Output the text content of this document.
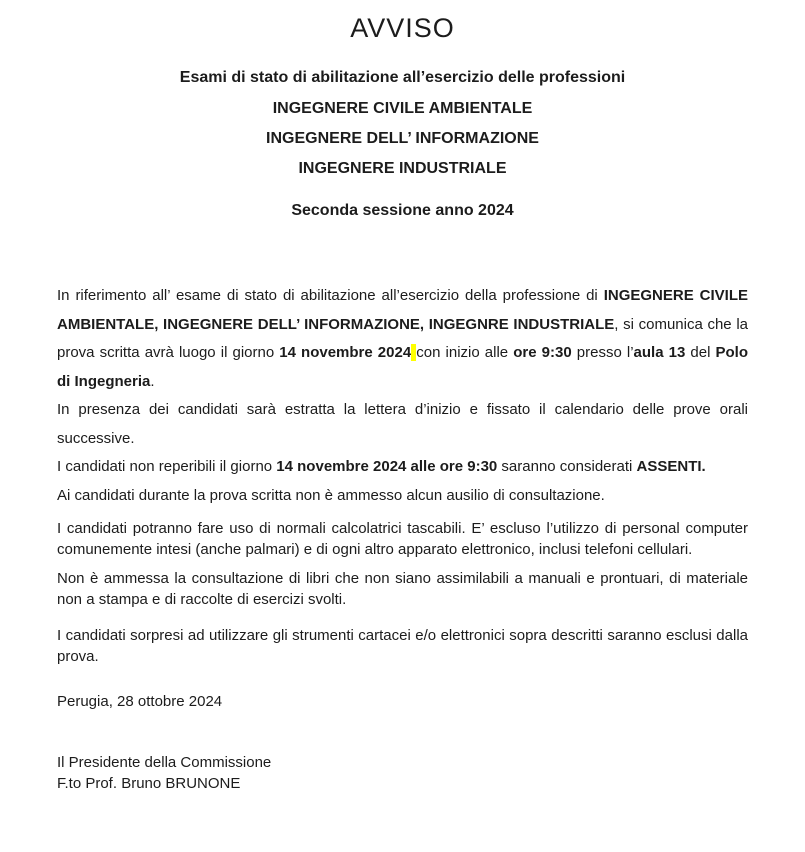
AVVISO

Esami di stato di abilitazione all’esercizio delle professioni

INGEGNERE CIVILE AMBIENTALE

INGEGNERE DELL’ INFORMAZIONE

INGEGNERE INDUSTRIALE

Seconda sessione anno 2024

In riferimento all’ esame di stato di abilitazione all’esercizio della professione di INGEGNERE CIVILE AMBIENTALE, INGEGNERE DELL’ INFORMAZIONE, INGEGNRE INDUSTRIALE, si comunica che la prova scritta avrà luogo il giorno 14 novembre 2024 con inizio alle ore 9:30 presso l’aula 13 del Polo di Ingegneria.

In presenza dei candidati sarà estratta la lettera d’inizio e fissato il calendario delle prove orali successive.

I candidati non reperibili il giorno 14 novembre 2024 alle ore 9:30 saranno considerati ASSENTI.

Ai candidati durante la prova scritta non è ammesso alcun ausilio di consultazione.

I candidati potranno fare uso di normali calcolatrici tascabili. E’ escluso l’utilizzo di personal computer comunemente intesi (anche palmari) e di ogni altro apparato elettronico, inclusi telefoni cellulari.

Non è ammessa la consultazione di libri che non siano assimilabili a manuali e prontuari, di materiale non a stampa e di raccolte di esercizi svolti.

I candidati sorpresi ad utilizzare gli strumenti cartacei e/o elettronici sopra descritti saranno esclusi dalla prova.

Perugia, 28 ottobre 2024

Il Presidente della Commissione

F.to Prof. Bruno BRUNONE
